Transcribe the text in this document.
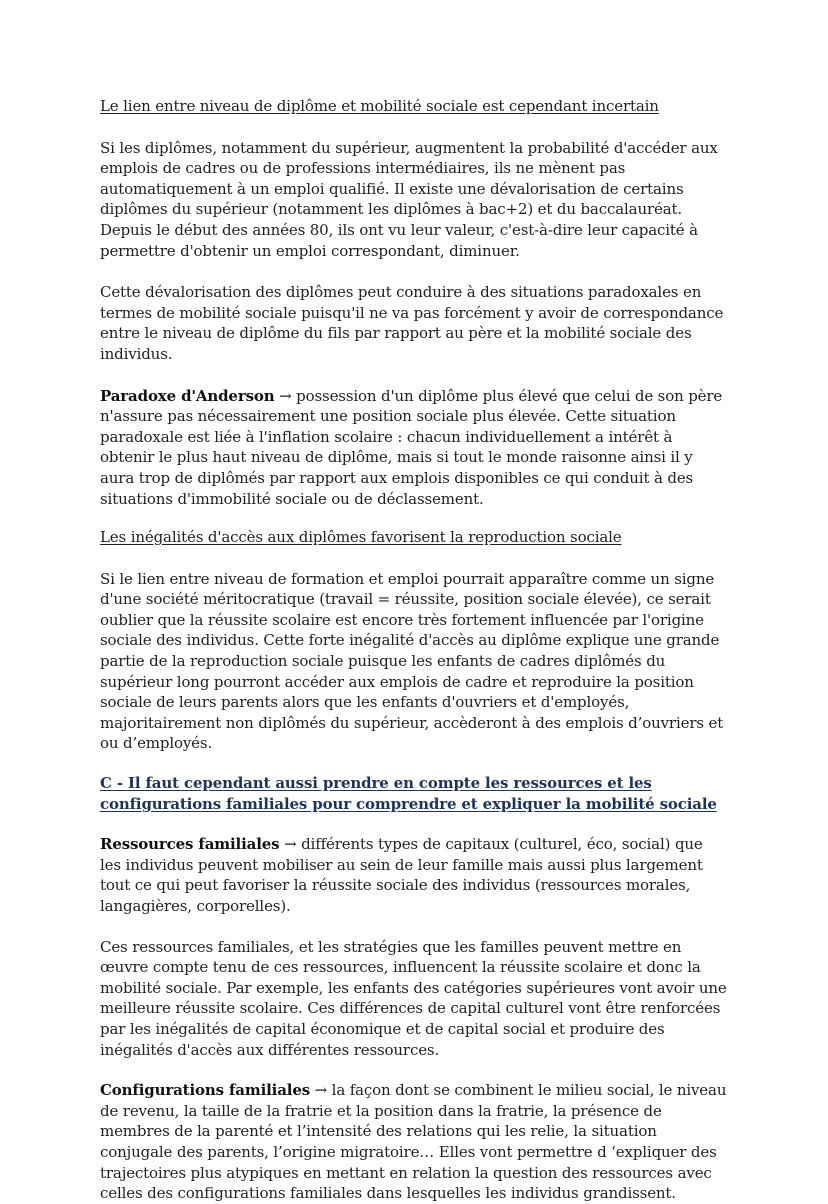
Le lien entre niveau de diplôme et mobilité sociale est cependant incertain

Si les diplômes, notamment du supérieur, augmentent la probabilité d'accéder aux emplois de cadres ou de professions intermédiaires, ils ne mènent pas automatiquement à un emploi qualifié. Il existe une dévalorisation de certains diplômes du supérieur (notamment les diplômes à bac+2) et du baccalauréat. Depuis le début des années 80, ils ont vu leur valeur, c'est-à-dire leur capacité à permettre d'obtenir un emploi correspondant, diminuer.

Cette dévalorisation des diplômes peut conduire à des situations paradoxales en termes de mobilité sociale puisqu'il ne va pas forcément y avoir de correspondance entre le niveau de diplôme du fils par rapport au père et la mobilité sociale des individus.

Paradoxe d'Anderson → possession d'un diplôme plus élevé que celui de son père n'assure pas nécessairement une position sociale plus élevée. Cette situation paradoxale est liée à l'inflation scolaire : chacun individuellement a intérêt à obtenir le plus haut niveau de diplôme, mais si tout le monde raisonne ainsi il y aura trop de diplômés par rapport aux emplois disponibles ce qui conduit à des situations d'immobilité sociale ou de déclassement.

Les inégalités d'accès aux diplômes favorisent la reproduction sociale

Si le lien entre niveau de formation et emploi pourrait apparaître comme un signe d'une société méritocratique (travail = réussite, position sociale élevée), ce serait oublier que la réussite scolaire est encore très fortement influencée par l'origine sociale des individus. Cette forte inégalité d'accès au diplôme explique une grande partie de la reproduction sociale puisque les enfants de cadres diplômés du supérieur long pourront accéder aux emplois de cadre et reproduire la position sociale de leurs parents alors que les enfants d'ouvriers et d'employés, majoritairement non diplômés du supérieur, accèderont à des emplois d’ouvriers et ou d’employés.

C - Il faut cependant aussi prendre en compte les ressources et les configurations familiales pour comprendre et expliquer la mobilité sociale

Ressources familiales → différents types de capitaux (culturel, éco, social) que les individus peuvent mobiliser au sein de leur famille mais aussi plus largement tout ce qui peut favoriser la réussite sociale des individus (ressources morales, langagières, corporelles).

Ces ressources familiales, et les stratégies que les familles peuvent mettre en œuvre compte tenu de ces ressources, influencent la réussite scolaire et donc la mobilité sociale. Par exemple, les enfants des catégories supérieures vont avoir une meilleure réussite scolaire. Ces différences de capital culturel vont être renforcées par les inégalités de capital économique et de capital social et produire des inégalités d'accès aux différentes ressources.

Configurations familiales → la façon dont se combinent le milieu social, le niveau de revenu, la taille de la fratrie et la position dans la fratrie, la présence de membres de la parenté et l’intensité des relations qui les relie, la situation conjugale des parents, l’origine migratoire… Elles vont permettre d ‘expliquer des trajectoires plus atypiques en mettant en relation la question des ressources avec celles des configurations familiales dans lesquelles les individus grandissent.
